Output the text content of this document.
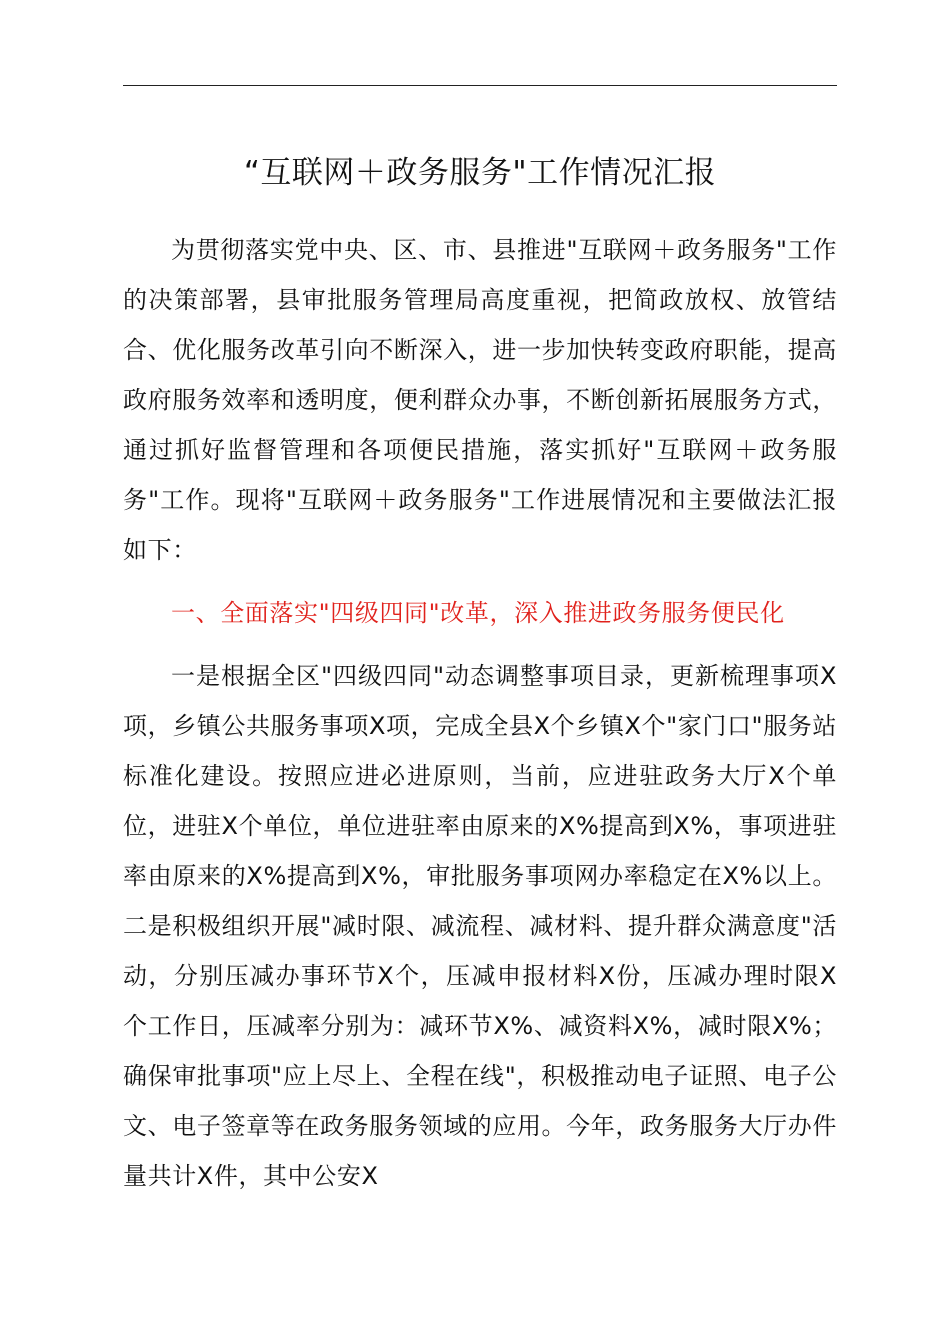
“互联网＋政务服务"工作情况汇报

为贯彻落实党中央、区、市、县推进"互联网＋政务服务"工作的决策部署，县审批服务管理局高度重视，把简政放权、放管结合、优化服务改革引向不断深入，进一步加快转变政府职能，提高政府服务效率和透明度，便利群众办事，不断创新拓展服务方式，通过抓好监督管理和各项便民措施，落实抓好"互联网＋政务服务"工作。现将"互联网＋政务服务"工作进展情况和主要做法汇报如下：

一、全面落实"四级四同"改革，深入推进政务服务便民化

一是根据全区"四级四同"动态调整事项目录，更新梳理事项X项，乡镇公共服务事项X项，完成全县X个乡镇X个"家门口"服务站标准化建设。按照应进必进原则，当前，应进驻政务大厅X个单位，进驻X个单位，单位进驻率由原来的X%提高到X%，事项进驻率由原来的X%提高到X%，审批服务事项网办率稳定在X%以上。二是积极组织开展"减时限、减流程、减材料、提升群众满意度"活动，分别压减办事环节X个，压减申报材料X份，压减办理时限X个工作日，压减率分别为：减环节X%、减资料X%，减时限X%；确保审批事项"应上尽上、全程在线"，积极推动电子证照、电子公文、电子签章等在政务服务领域的应用。今年，政务服务大厅办件量共计X件，其中公安X
